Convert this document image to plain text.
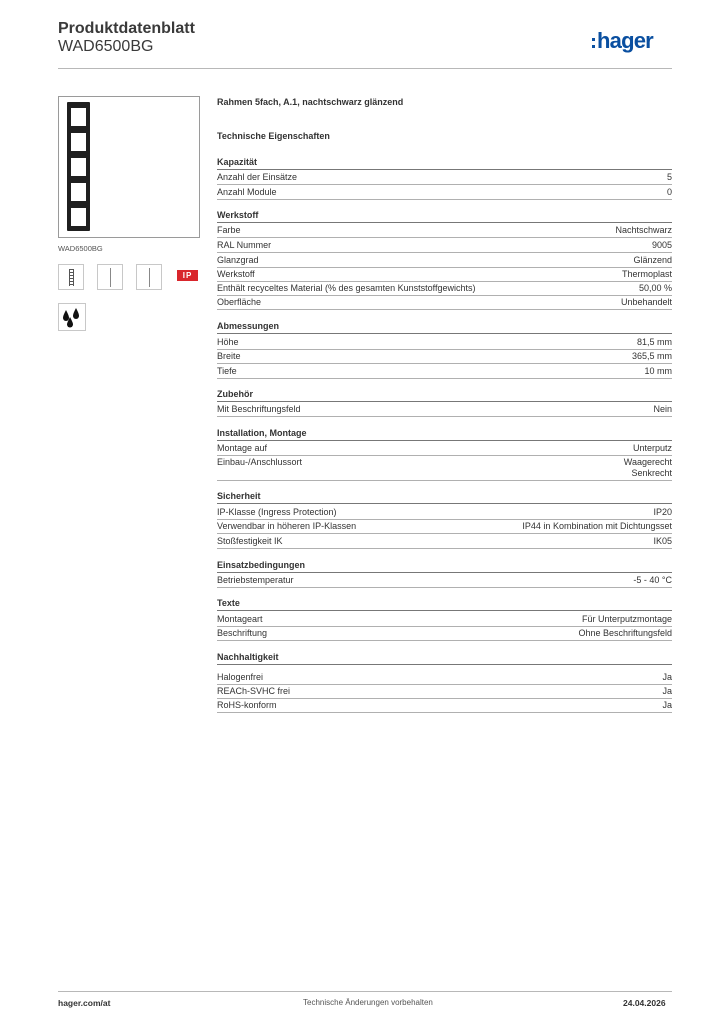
Produktdatenblatt
WAD6500BG	hager
WAD6500BG
IP
Rahmen 5fach, A.1, nachtschwarz glänzend
Technische Eigenschaften
Kapazität
Anzahl der Einsätze	5
Anzahl Module	0
Werkstoff
Farbe	Nachtschwarz
RAL Nummer	9005
Glanzgrad	Glänzend
Werkstoff	Thermoplast
Enthält recyceltes Material (% des gesamten Kunststoffgewichts)	50,00 %
Oberfläche	Unbehandelt
Abmessungen
Höhe	81,5 mm
Breite	365,5 mm
Tiefe	10 mm
Zubehör
Mit Beschriftungsfeld	Nein
Installation, Montage
Montage auf	Unterputz
Einbau-/Anschlussort	Waagerecht
Senkrecht
Sicherheit
IP-Klasse (Ingress Protection)	IP20
Verwendbar in höheren IP-Klassen	IP44 in Kombination mit Dichtungsset
Stoßfestigkeit IK	IK05
Einsatzbedingungen
Betriebstemperatur	-5 - 40 °C
Texte
Montageart	Für Unterputzmontage
Beschriftung	Ohne Beschriftungsfeld
Nachhaltigkeit
Halogenfrei	Ja
REACh-SVHC frei	Ja
RoHS-konform	Ja
hager.com/at	Technische Änderungen vorbehalten	24.04.2026
